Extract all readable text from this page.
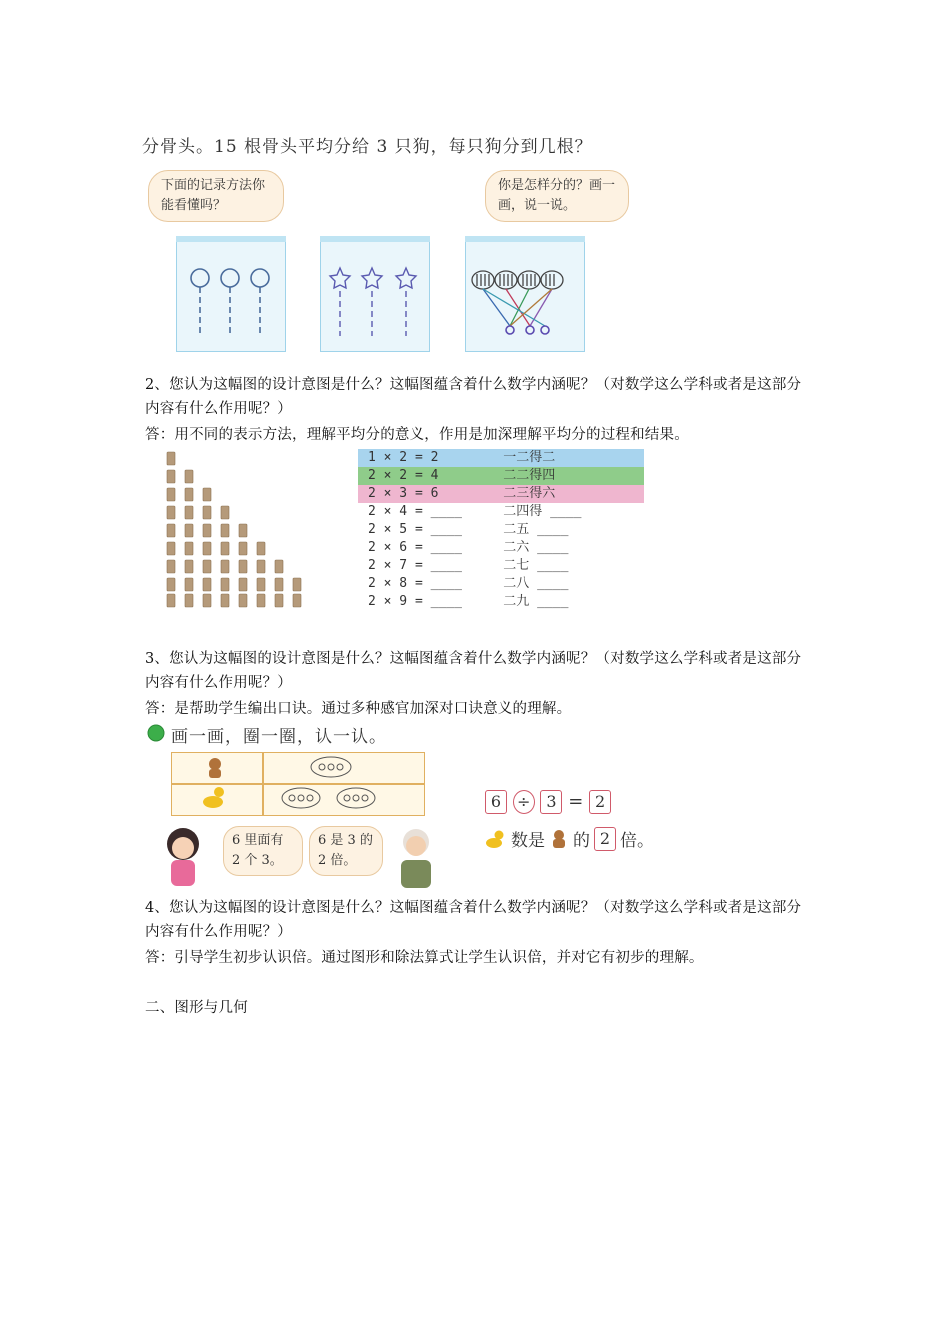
分骨头。15 根骨头平均分给 3 只狗，每只狗分到几根？
下面的记录方法你能看懂吗？
你是怎样分的？画一画，说一说。
2、您认为这幅图的设计意图是什么？这幅图蕴含着什么数学内涵呢？（对数学这么学科或者是这部分内容有什么作用呢？）
答：用不同的表示方法，理解平均分的意义，作用是加深理解平均分的过程和结果。
1 × 2 = 2	一二得二
2 × 2 = 4	二二得四
2 × 3 = 6	二三得六
2 × 4 = ____	二四得 ____
2 × 5 = ____	二五 ____
2 × 6 = ____	二六 ____
2 × 7 = ____	二七 ____
2 × 8 = ____	二八 ____
2 × 9 = ____	二九 ____
3、您认为这幅图的设计意图是什么？这幅图蕴含着什么数学内涵呢？（对数学这么学科或者是这部分内容有什么作用呢？）
答：是帮助学生编出口诀。通过多种感官加深对口诀意义的理解。
画一画，圈一圈，认一认。
6 里面有 2 个 3。
6 是 3 的 2 倍。
6 ÷ 3 = 2
数是 的 2 倍。
4、您认为这幅图的设计意图是什么？这幅图蕴含着什么数学内涵呢？（对数学这么学科或者是这部分内容有什么作用呢？）
答：引导学生初步认识倍。通过图形和除法算式让学生认识倍，并对它有初步的理解。
二、图形与几何
